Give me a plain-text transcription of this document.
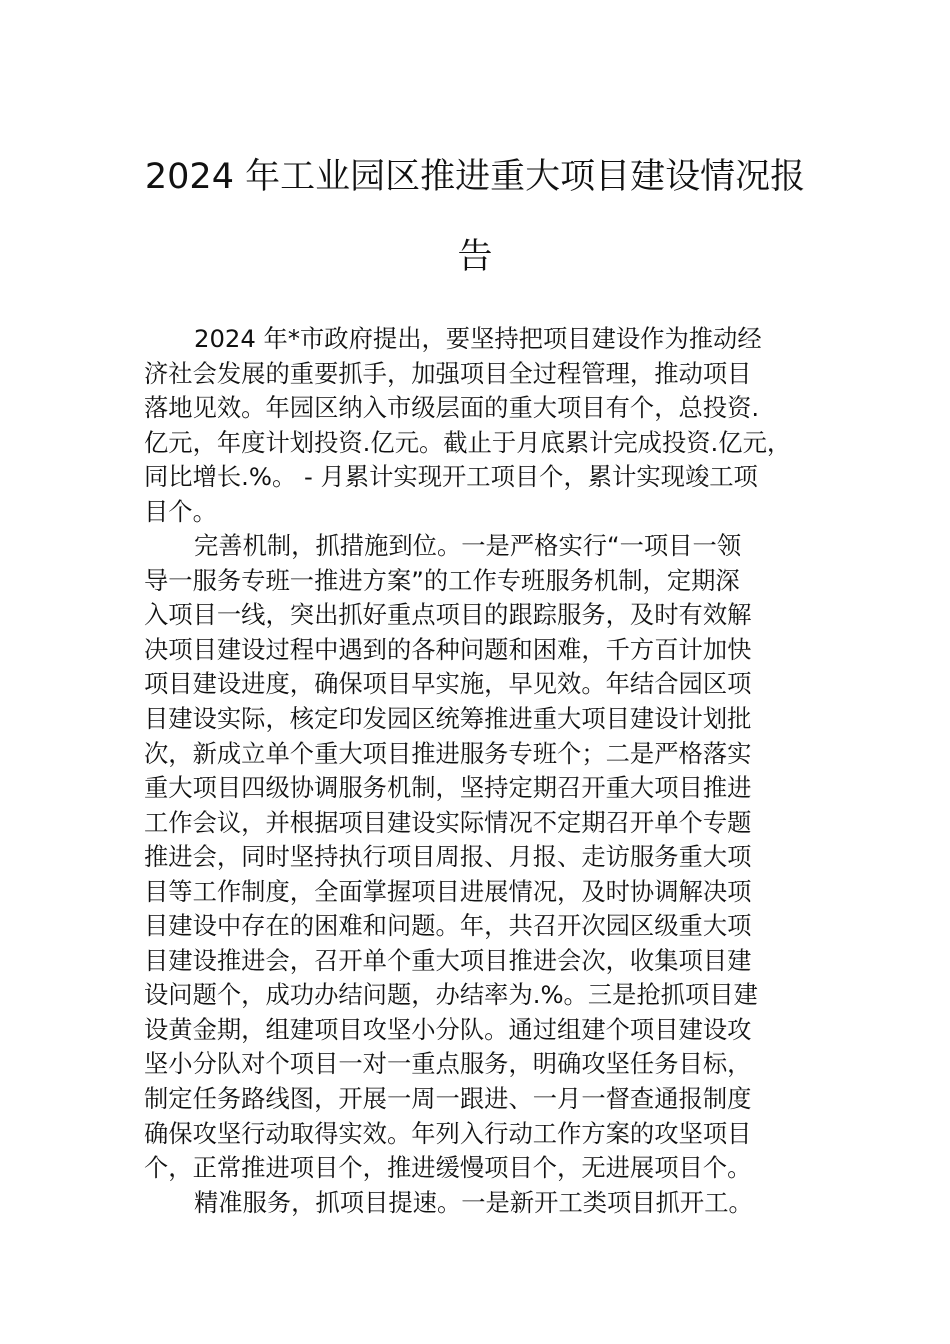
2024 年工业园区推进重大项目建设情况报
告
2024 年*市政府提出，要坚持把项目建设作为推动经
济社会发展的重要抓手，加强项目全过程管理，推动项目
落地见效。年园区纳入市级层面的重大项目有个，总投资.
亿元，年度计划投资.亿元。截止于月底累计完成投资.亿元，
同比增长.%。 - 月累计实现开工项目个，累计实现竣工项
目个。
完善机制，抓措施到位。一是严格实行“一项目一领
导一服务专班一推进方案”的工作专班服务机制，定期深
入项目一线，突出抓好重点项目的跟踪服务，及时有效解
决项目建设过程中遇到的各种问题和困难，千方百计加快
项目建设进度，确保项目早实施，早见效。年结合园区项
目建设实际，核定印发园区统筹推进重大项目建设计划批
次，新成立单个重大项目推进服务专班个；二是严格落实
重大项目四级协调服务机制，坚持定期召开重大项目推进
工作会议，并根据项目建设实际情况不定期召开单个专题
推进会，同时坚持执行项目周报、月报、走访服务重大项
目等工作制度，全面掌握项目进展情况，及时协调解决项
目建设中存在的困难和问题。年，共召开次园区级重大项
目建设推进会，召开单个重大项目推进会次，收集项目建
设问题个，成功办结问题，办结率为.%。三是抢抓项目建
设黄金期，组建项目攻坚小分队。通过组建个项目建设攻
坚小分队对个项目一对一重点服务，明确攻坚任务目标，
制定任务路线图，开展一周一跟进、一月一督查通报制度
确保攻坚行动取得实效。年列入行动工作方案的攻坚项目
个，正常推进项目个，推进缓慢项目个，无进展项目个。
精准服务，抓项目提速。一是新开工类项目抓开工。
